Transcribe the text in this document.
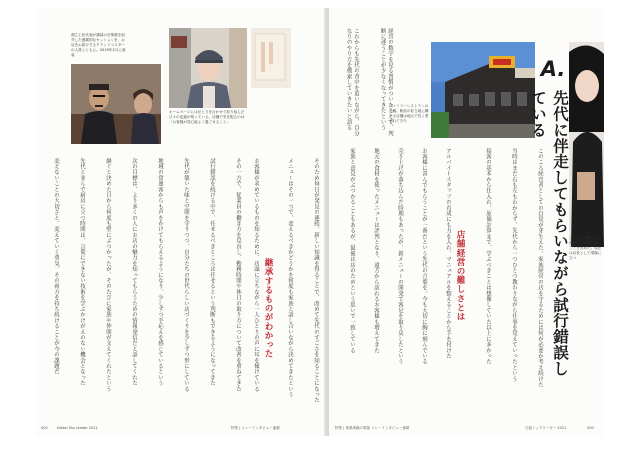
淵之上紀代表が講談の全情報を紹介した連載的なセッションを、お店をお届けするクランドマスターの人員とともに。2019年2月に改装
ホームページには兄と力を合わせて取り組んだ日々の記録が残っている。店舗で気を配るのは「お客様が居心地よく過ごせること」
そのため毎日が発見の連続。新しい知識を得ることで、改めて先代のすごさを知ることになった
メニューはその一つで、変えるべきかどうかを何度も家族と話し合いながら決めてきたという
継承するものがわかった
お客様が求めているものを知るために、店頭に立ちながら一人ひとりの声に耳を傾けている
その一方で、従業員の働き方を見直し、勤務時間や休日の取り方について改善を重ねてきた
試行錯誤を続ける中で、任せるべきところは任せるという判断もできるようになってきた
先代が築いた味と空間を守りつつ、自分たちの世代らしい店づくりを少しずつ形にしている
地域の常連客からも声をかけてもらえるようになり、少しずつ手応えを感じているという
次の目標は、より多くの人にお店の魅力を知ってもらうための情報発信だと話してくれた
継ぐと決めた日から何度も壁にぶつかったが、そのたびに家族や仲間が支えてくれたという
先代と並んで厨房に立つ時間は、言葉にできない技術を学ぶかけがえのない機会となった
変えないことの大切さと、変えていく勇気。その両方を持ち続けることが今の課題だ
000	Nikkei Top Leader 2021	特集 | リレーインタビュー連載
ファミリーレストランの外観。駅前の好立地に構える店舗は地元で長く愛されてきた
A.
こちらの店舗で生まれ育ち、家業を継ぐことを決めた。現在は店長として現場に立つ
先代に伴走してもらいながら試行錯誤している
このころ経営者としての自覚が芽生えた。家族経営の店を守るためには何が必要か考え続けた
当時はまだ右も左もわからず、先代から一つひとつ教わりながら仕事を覚えていったという
接客の基本から仕入れ、原価計算まで、学ぶべきことは想像していた以上に多かった
店舗経営の難しさとは
アルバイトスタッフの育成にも力を入れ、マニュアルを整えることから手を付けた
お客様に喜んでもらうことが一番だという先代の言葉を、今も大切に胸に刻んでいる
売り上げが落ち込んだ時期もあったが、新メニューの開発で客足を取り戻したという
地元の食材を使ったメニューは評判となり、遠方から訪れるお客様も増えてきた
家族と意見がぶつかることもあるが、最後は店のためという思いで一致している
経営の数字を見る習慣がついたことで、判断に迷うことが少なくなってきたという
これからも先代の背中を追いながら、自分なりのやり方を模索していきたいと語る
特集 | 事業承継の現場 リレーインタビュー連載	日経トップリーダー 2021	000
